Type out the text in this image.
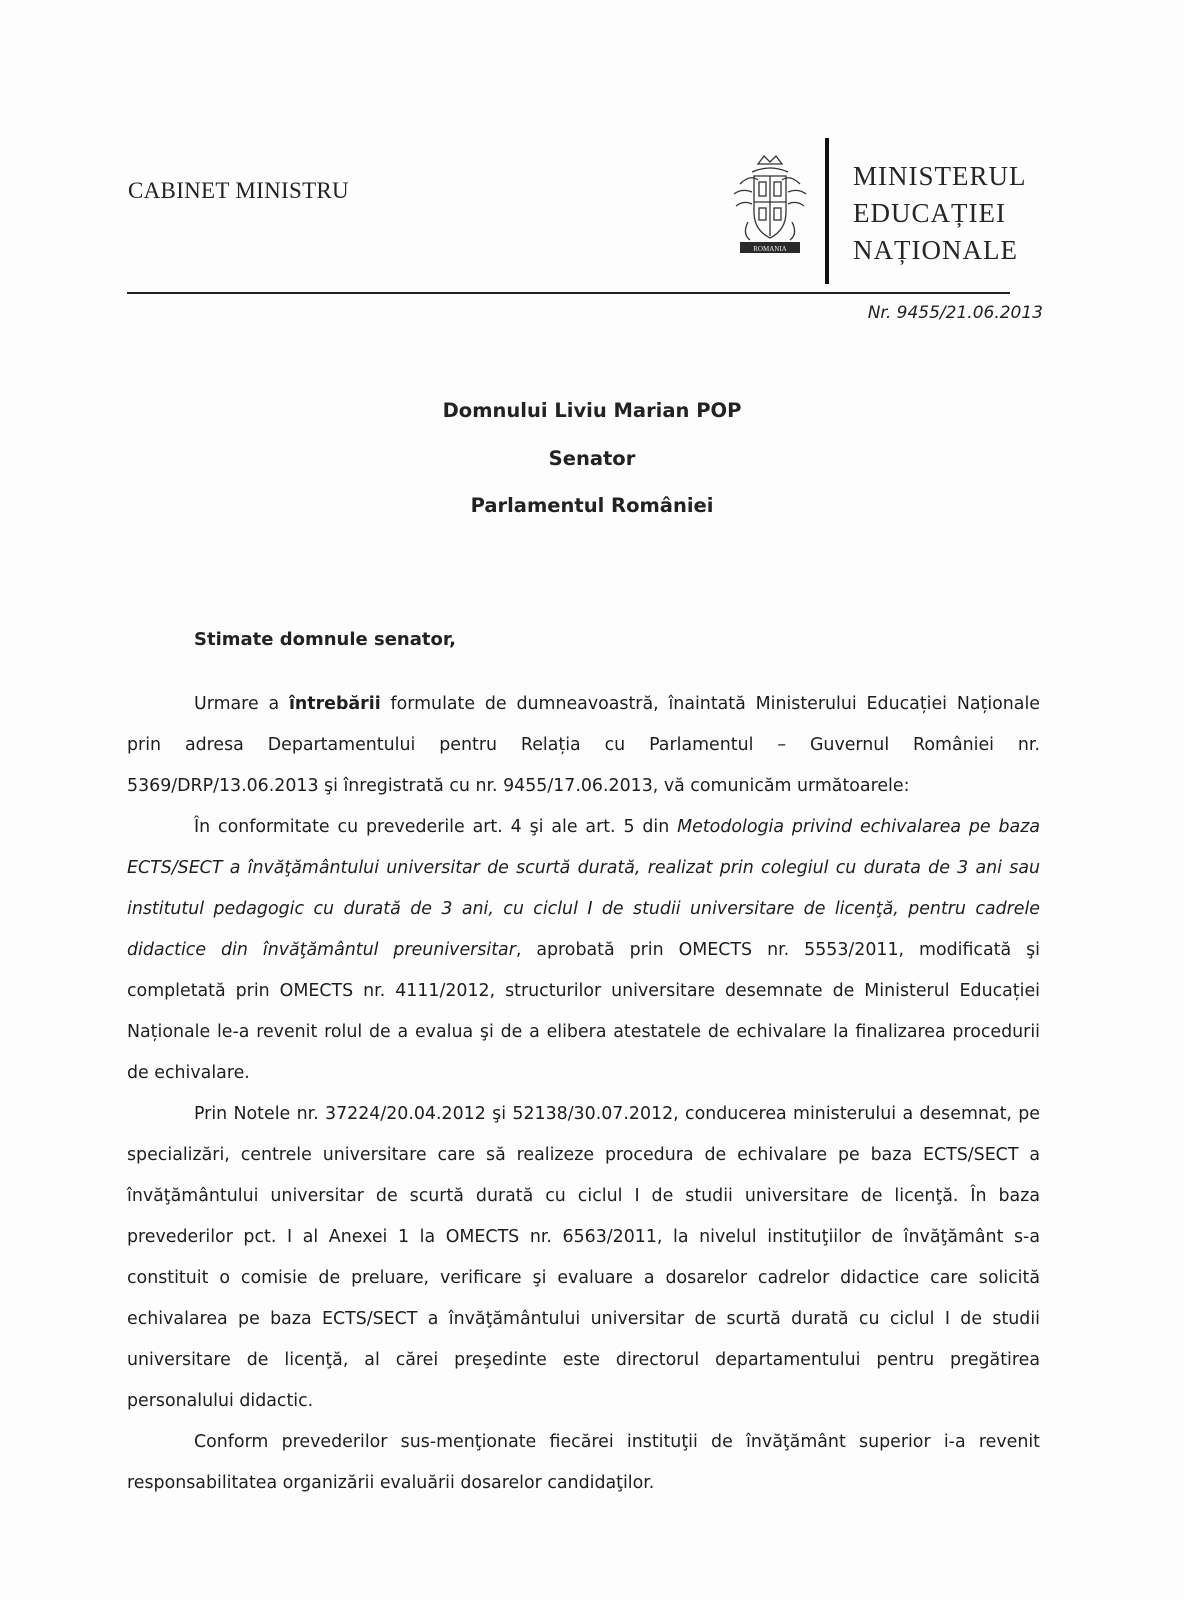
CABINET MINISTRU
ROMANIA
MINISTERUL
EDUCAȚIEI
NAȚIONALE
Nr. 9455/21.06.2013
Domnului Liviu Marian POP
Senator
Parlamentul României
Stimate domnule senator,

Urmare a întrebării formulate de dumneavoastră, înaintată Ministerului Educației Naționale prin adresa Departamentului pentru Relația cu Parlamentul – Guvernul României nr. 5369/DRP/13.06.2013 şi înregistrată cu nr. 9455/17.06.2013, vă comunicăm următoarele:

În conformitate cu prevederile art. 4 şi ale art. 5 din Metodologia privind echivalarea pe baza ECTS/SECT a învăţământului universitar de scurtă durată, realizat prin colegiul cu durata de 3 ani sau institutul pedagogic cu durată de 3 ani, cu ciclul I de studii universitare de licenţă, pentru cadrele didactice din învăţământul preuniversitar, aprobată prin OMECTS nr. 5553/2011, modificată şi completată prin OMECTS nr. 4111/2012, structurilor universitare desemnate de Ministerul Educației Naționale le-a revenit rolul de a evalua şi de a elibera atestatele de echivalare la finalizarea procedurii de echivalare.

Prin Notele nr. 37224/20.04.2012 şi 52138/30.07.2012, conducerea ministerului a desemnat, pe specializări, centrele universitare care să realizeze procedura de echivalare pe baza ECTS/SECT a învăţământului universitar de scurtă durată cu ciclul I de studii universitare de licenţă. În baza prevederilor pct. I al Anexei 1 la OMECTS nr. 6563/2011, la nivelul instituţiilor de învăţământ s-a constituit o comisie de preluare, verificare şi evaluare a dosarelor cadrelor didactice care solicită echivalarea pe baza ECTS/SECT a învăţământului universitar de scurtă durată cu ciclul I de studii universitare de licenţă, al cărei preşedinte este directorul departamentului pentru pregătirea personalului didactic.

Conform prevederilor sus-menţionate fiecărei instituţii de învăţământ superior i-a revenit responsabilitatea organizării evaluării dosarelor candidaţilor.
